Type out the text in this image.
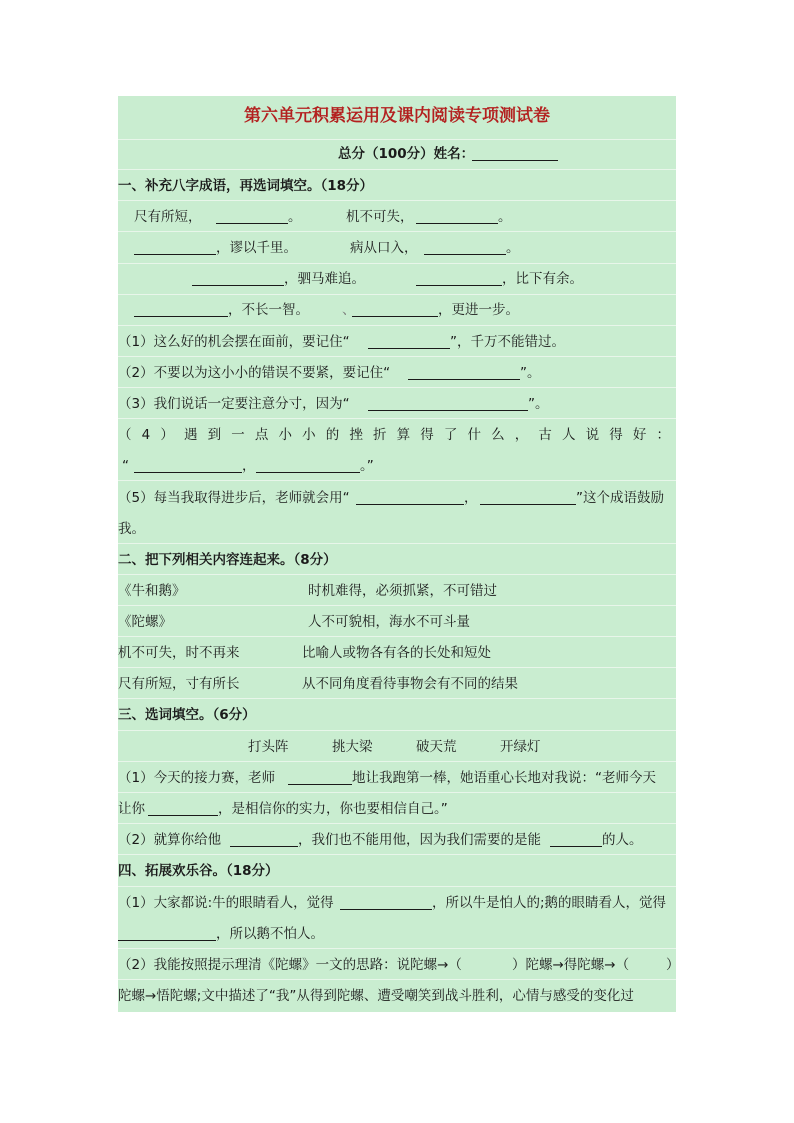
第六单元积累运用及课内阅读专项测试卷
总分（100分）姓名：
一、补充八字成语，再选词填空。（18分）
尺有所短，	。	机不可失，	。
，谬以千里。	病从口入，	。
，驷马难追。	，比下有余。
，不长一智。 、	，更进一步。
（1）这么好的机会摆在面前，要记住“	”，千万不能错过。
（2）不要以为这小小的错误不要紧，要记住“	”。
（3）我们说话一定要注意分寸，因为“	”。
（ 4 ） 遇 到 一 点 小 小 的 挫 折 算 得 了 什 么 ， 古 人 说 得 好 ：
“	，	。”
（5）每当我取得进步后，老师就会用“	，	”这个成语鼓励
我。
二、把下列相关内容连起来。（8分）
《牛和鹅》	时机难得，必须抓紧，不可错过
《陀螺》	人不可貌相，海水不可斗量
机不可失，时不再来	比喻人或物各有各的长处和短处
尺有所短，寸有所长	从不同角度看待事物会有不同的结果
三、选词填空。（6分）
打头阵	挑大梁	破天荒	开绿灯
（1）今天的接力赛，老师	地让我跑第一棒，她语重心长地对我说：“老师今天
让你	，是相信你的实力，你也要相信自己。”
（2）就算你给他	，我们也不能用他，因为我们需要的是能	的人。
四、拓展欢乐谷。（18分）
（1）大家都说:牛的眼睛看人，觉得	，所以牛是怕人的;鹅的眼睛看人，觉得
，所以鹅不怕人。
（2）我能按照提示理清《陀螺》一文的思路：说陀螺→（	）陀螺→得陀螺→（	）
陀螺→悟陀螺;文中描述了“我”从得到陀螺、遭受嘲笑到战斗胜利，心情与感受的变化过
